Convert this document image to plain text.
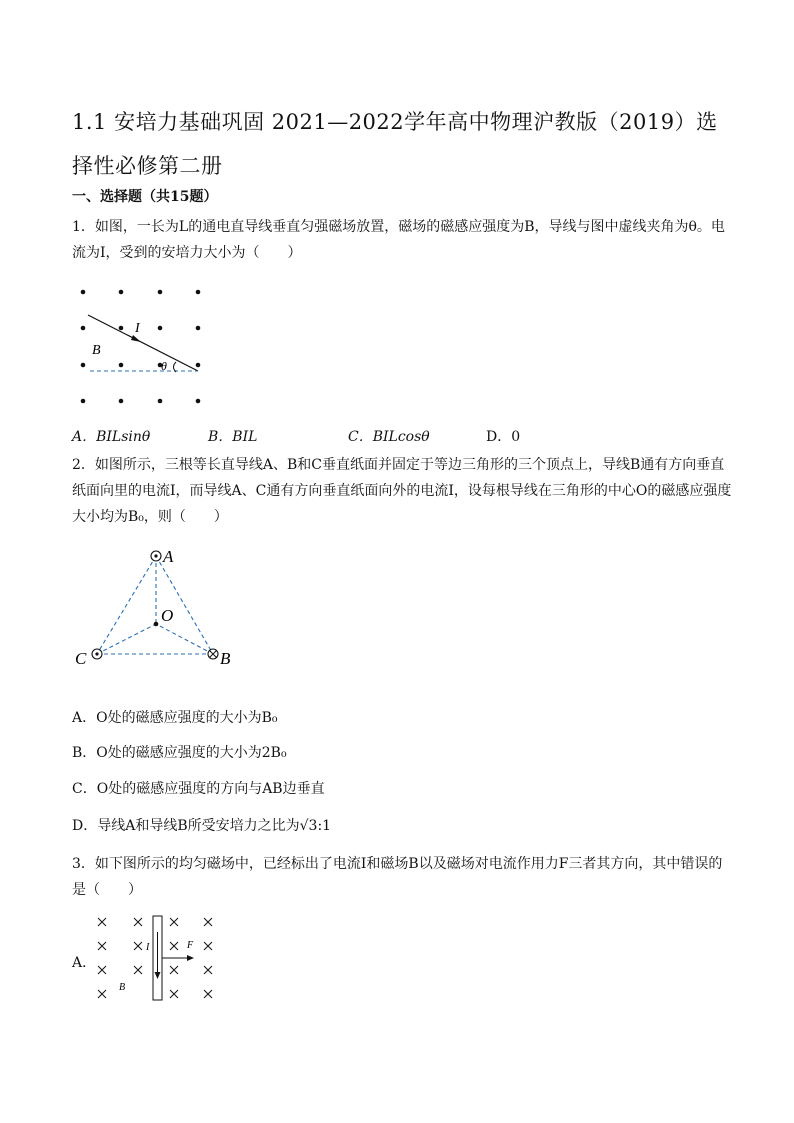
1.1 安培力基础巩固 2021—2022学年高中物理沪教版（2019）选择性必修第二册
一、选择题（共15题）
1．如图，一长为L的通电直导线垂直匀强磁场放置，磁场的磁感应强度为B，导线与图中虚线夹角为θ。电流为I，受到的安培力大小为（　　）
I
B
θ
A．BILsinθ	B．BIL	C．BILcosθ	D．0
2．如图所示，三根等长直导线A、B和C垂直纸面并固定于等边三角形的三个顶点上，导线B通有方向垂直纸面向里的电流I，而导线A、C通有方向垂直纸面向外的电流I，设每根导线在三角形的中心O的磁感应强度大小均为B₀，则（　　）
A
O
C	B
A．O处的磁感应强度的大小为B₀
B．O处的磁感应强度的大小为2B₀
C．O处的磁感应强度的方向与AB边垂直
D．导线A和导线B所受安培力之比为√3:1
3．如下图所示的均匀磁场中，已经标出了电流I和磁场B以及磁场对电流作用力F三者其方向，其中错误的是（　　）
A．
I	F
B
